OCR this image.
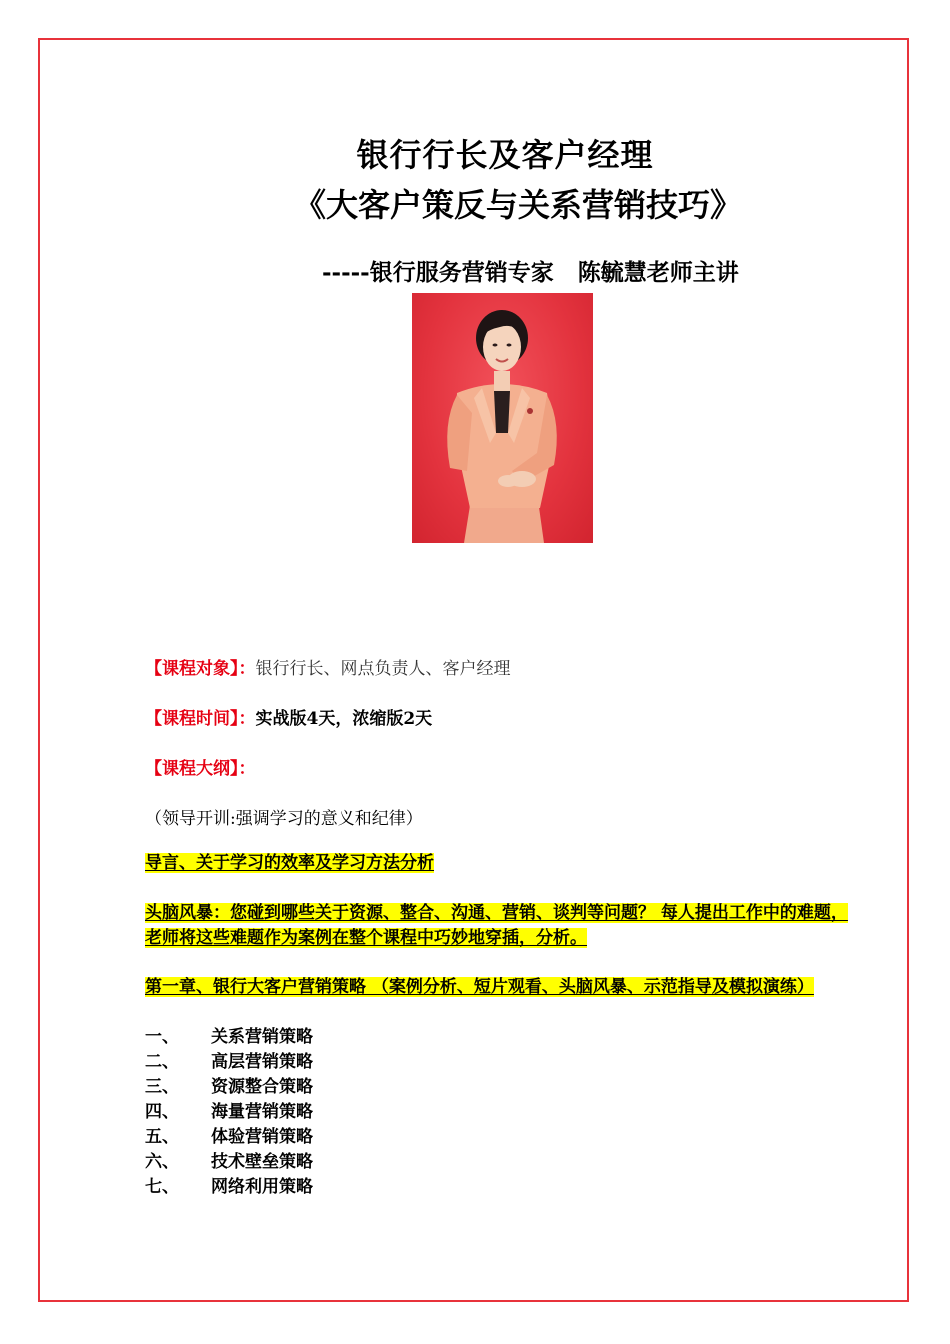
银行行长及客户经理
《大客户策反与关系营销技巧》
-----银行服务营销专家   陈毓慧老师主讲
【课程对象】：银行行长、网点负责人、客户经理
【课程时间】：实战版4天，浓缩版2天
【课程大纲】：
（领导开训:强调学习的意义和纪律）
导言、关于学习的效率及学习方法分析
头脑风暴：您碰到哪些关于资源、整合、沟通、营销、谈判等问题？ 每人提出工作中的难题， 老师将这些难题作为案例在整个课程中巧妙地穿插，分析。
第一章、银行大客户营销策略 （案例分析、短片观看、头脑风暴、示范指导及模拟演练）
一、 关系营销策略
二、 高层营销策略
三、 资源整合策略
四、 海量营销策略
五、 体验营销策略
六、 技术壁垒策略
七、 网络利用策略
